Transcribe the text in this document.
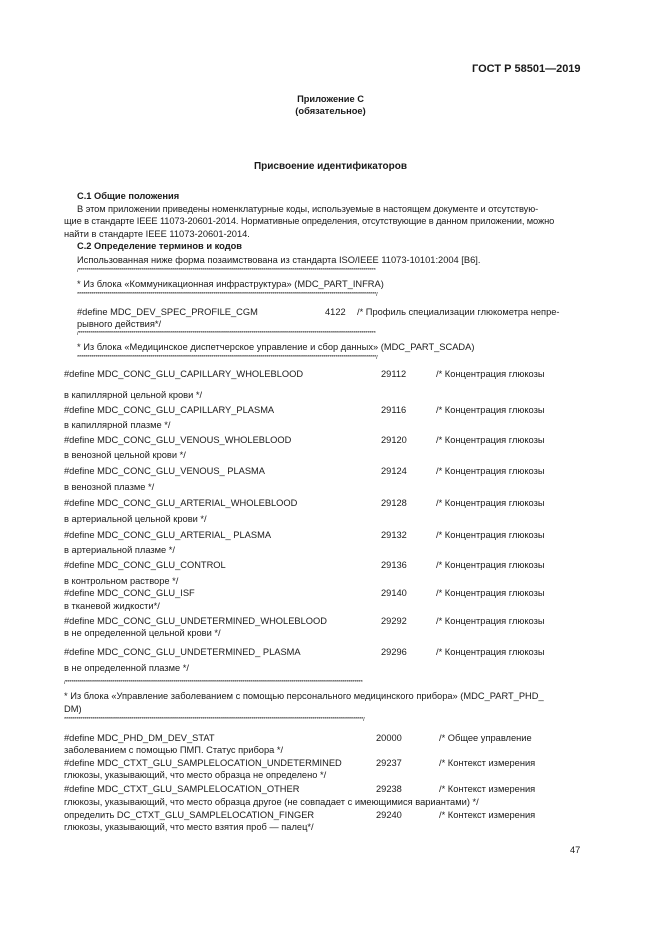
ГОСТ Р 58501—2019
Приложение С
(обязательное)
Присвоение идентификаторов
С.1 Общие положения
В этом приложении приведены номенклатурные коды, используемые в настоящем документе и отсутствую-
щие в стандарте IEEE 11073-20601-2014. Нормативные определения, отсутствующие в данном приложении, можно
найти в стандарте IEEE 11073-20601-2014.
С.2 Определение терминов и кодов
Использованная ниже форма позаимствована из стандарта ISO/IEEE 11073-10101:2004 [B6].
/**************************************************************************************************************************************************
* Из блока «Коммуникационная инфраструктура» (MDC_PART_INFRA)
***************************************************************************************************************************************************/
#define MDC_DEV_SPEC_PROFILE_CGM	4122 /* Профиль специализации глюкометра непре-
рывного действия*/
/**************************************************************************************************************************************************
* Из блока «Медицинское диспетчерское управление и сбор данных» (MDC_PART_SCADA)
***************************************************************************************************************************************************/
#define MDC_CONC_GLU_CAPILLARY_WHOLEBLOOD	29112	/* Концентрация глюкозы
в капиллярной цельной крови */
#define MDC_CONC_GLU_CAPILLARY_PLASMA	29116	/* Концентрация глюкозы
в капиллярной плазме */
#define MDC_CONC_GLU_VENOUS_WHOLEBLOOD	29120	/* Концентрация глюкозы
в венозной цельной крови */
#define MDC_CONC_GLU_VENOUS_ PLASMA	29124	/* Концентрация глюкозы
в венозной плазме */
#define MDC_CONC_GLU_ARTERIAL_WHOLEBLOOD	29128	/* Концентрация глюкозы
в артериальной цельной крови */
#define MDC_CONC_GLU_ARTERIAL_ PLASMA	29132	/* Концентрация глюкозы
в артериальной плазме */
#define MDC_CONC_GLU_CONTROL	29136	/* Концентрация глюкозы
в контрольном растворе */
#define MDC_CONC_GLU_ISF	29140	/* Концентрация глюкозы
в тканевой жидкости*/
#define MDC_CONC_GLU_UNDETERMINED_WHOLEBLOOD	29292	/* Концентрация глюкозы
в не определенной цельной крови */
#define MDC_CONC_GLU_UNDETERMINED_ PLASMA	29296	/* Концентрация глюкозы
в не определенной плазме */
/**************************************************************************************************************************************************
* Из блока «Управление заболеванием с помощью персонального медицинского прибора» (MDC_PART_PHD_
DM)
***************************************************************************************************************************************************/
#define MDC_PHD_DM_DEV_STAT	20000	/* Общее управление
заболеванием с помощью ПМП. Статус прибора */
#define MDC_CTXT_GLU_SAMPLELOCATION_UNDETERMINED	29237	/* Контекст измерения
глюкозы, указывающий, что место образца не определено */
#define MDC_CTXT_GLU_SAMPLELOCATION_OTHER	29238	/* Контекст измерения
глюкозы, указывающий, что место образца другое (не совпадает с имеющимися вариантами) */
определить DC_CTXT_GLU_SAMPLELOCATION_FINGER	29240	/* Контекст измерения
глюкозы, указывающий, что место взятия проб — палец*/
47
